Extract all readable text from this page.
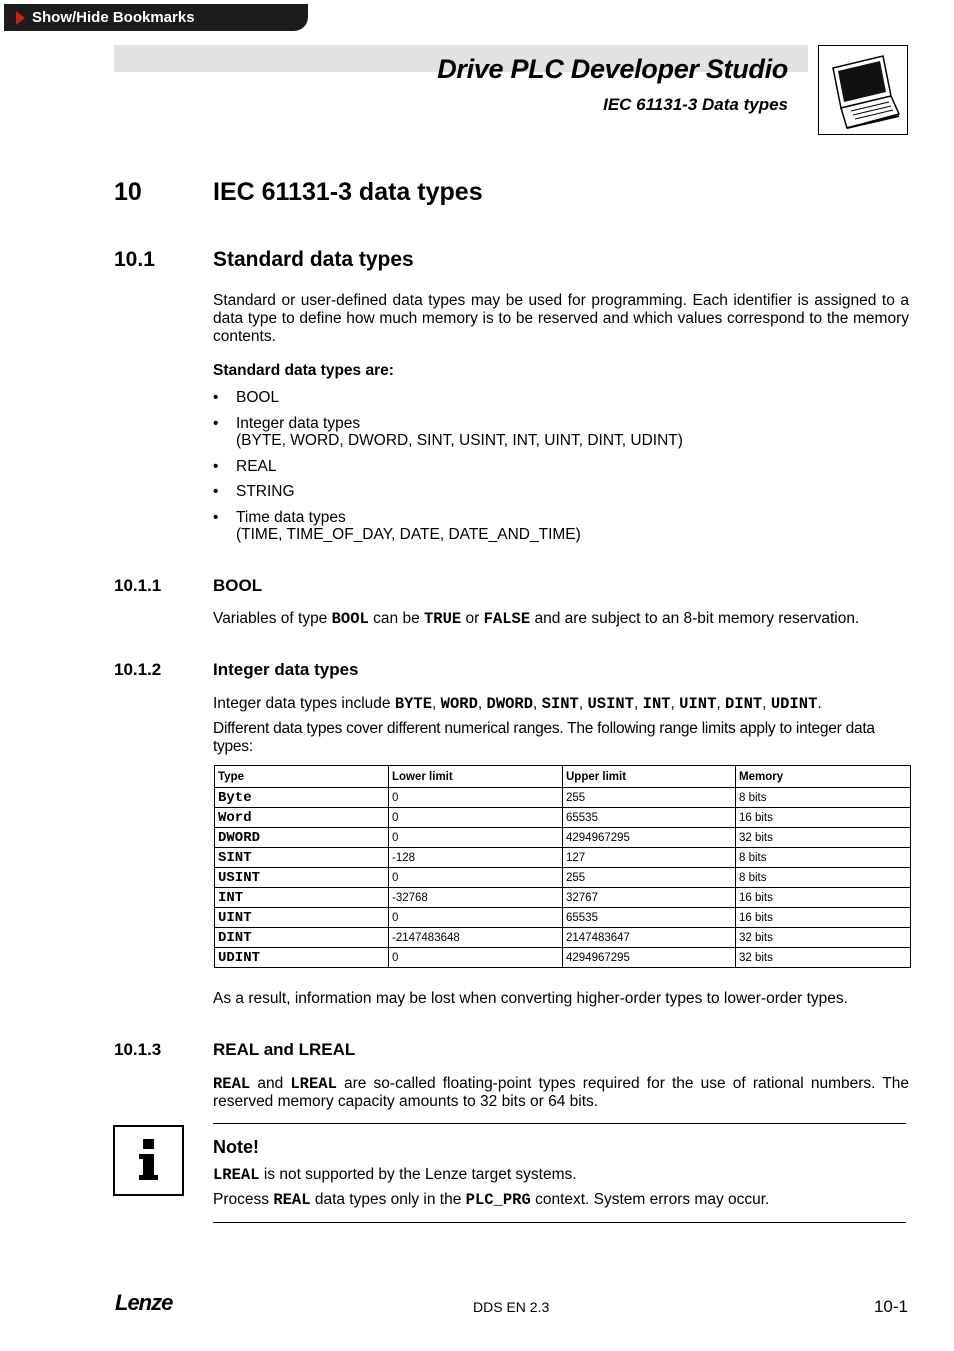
Show/Hide Bookmarks
Drive PLC Developer Studio
IEC 61131-3 Data types
10	IEC 61131-3 data types
10.1	Standard data types
Standard or user-defined data types may be used for programming. Each identifier is assigned to a data type to define how much memory is to be reserved and which values correspond to the memory contents.
Standard data types are:
• BOOL
• Integer data types
(BYTE, WORD, DWORD, SINT, USINT, INT, UINT, DINT, UDINT)
• REAL
• STRING
• Time data types
(TIME, TIME_OF_DAY, DATE, DATE_AND_TIME)
10.1.1	BOOL
Variables of type BOOL can be TRUE or FALSE and are subject to an 8-bit memory reservation.
10.1.2	Integer data types
Integer data types include BYTE, WORD, DWORD, SINT, USINT, INT, UINT, DINT, UDINT.
Different data types cover different numerical ranges. The following range limits apply to integer data types:
Type	Lower limit	Upper limit	Memory
Byte	0	255	8 bits
Word	0	65535	16 bits
DWORD	0	4294967295	32 bits
SINT	-128	127	8 bits
USINT	0	255	8 bits
INT	-32768	32767	16 bits
UINT	0	65535	16 bits
DINT	-2147483648	2147483647	32 bits
UDINT	0	4294967295	32 bits
As a result, information may be lost when converting higher-order types to lower-order types.
10.1.3	REAL and LREAL
REAL and LREAL are so-called floating-point types required for the use of rational numbers. The reserved memory capacity amounts to 32 bits or 64 bits.
Note!
LREAL is not supported by the Lenze target systems.
Process REAL data types only in the PLC_PRG context. System errors may occur.
Lenze	DDS EN 2.3	10-1
